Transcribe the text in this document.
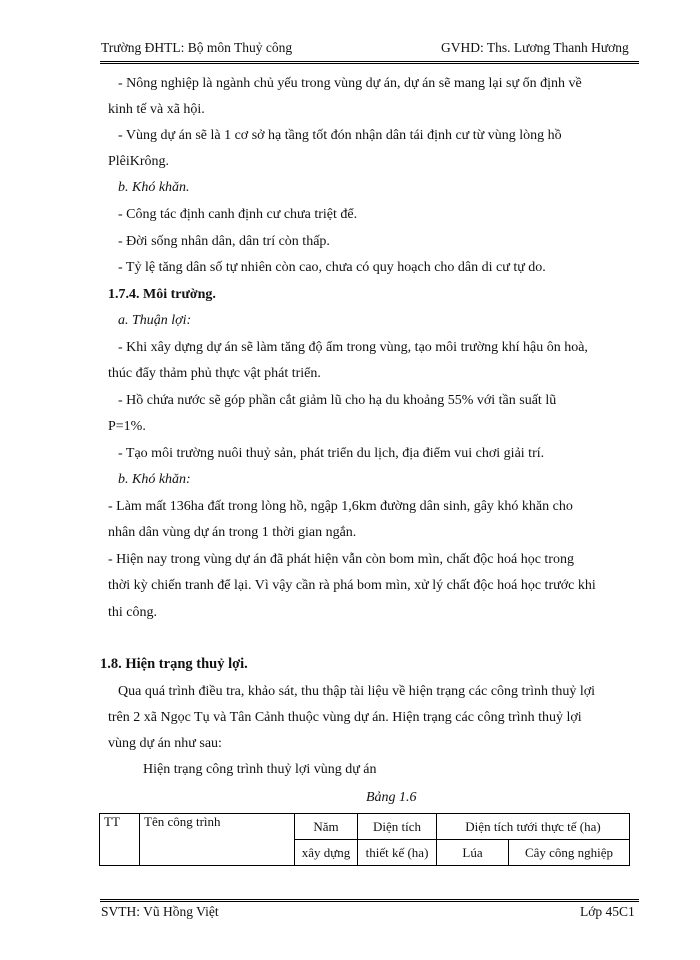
Trường ĐHTL: Bộ môn Thuỷ công	GVHD: Ths. Lương Thanh Hương
- Nông nghiệp là ngành chủ yếu trong vùng dự án, dự án sẽ mang lại sự ổn định về
kinh tế và xã hội.
- Vùng dự án sẽ là 1 cơ sở hạ tầng tốt đón nhận dân tái định cư từ vùng lòng hồ
PlêiKrông.
b. Khó khăn.
- Công tác định canh định cư chưa triệt để.
- Đời sống nhân dân, dân trí còn thấp.
- Tỷ lệ tăng dân số tự nhiên còn cao, chưa có quy hoạch cho dân di cư tự do.
1.7.4. Môi trường.
a. Thuận lợi:
- Khi xây dựng dự án sẽ làm tăng độ ẩm trong vùng, tạo môi trường khí hậu ôn hoà,
thúc đẩy thảm phủ thực vật phát triển.
- Hồ chứa nước sẽ góp phần cắt giảm lũ cho hạ du khoảng 55% với tần suất lũ
P=1%.
- Tạo môi trường nuôi thuỷ sản, phát triển du lịch, địa điểm vui chơi giải trí.
b. Khó khăn:
- Làm mất 136ha đất trong lòng hồ, ngập 1,6km đường dân sinh, gây khó khăn cho
nhân dân vùng dự án trong 1 thời gian ngắn.
- Hiện nay trong vùng dự án đã phát hiện vẫn còn bom mìn, chất độc hoá học trong
thời kỳ chiến tranh để lại. Vì vậy cần rà phá bom mìn, xử lý chất độc hoá học trước khi
thi công.
1.8. Hiện trạng thuỷ lợi.
Qua quá trình điều tra, khảo sát, thu thập tài liệu về hiện trạng các công trình thuỷ lợi
trên 2 xã Ngọc Tụ và Tân Cảnh thuộc vùng dự án. Hiện trạng các công trình thuỷ lợi
vùng dự án như sau:
Hiện trạng công trình thuỷ lợi vùng dự án
Bảng 1.6
TT	Tên công trình	Năm	Diện tích	Diện tích tưới thực tế (ha)	
		xây dựng	thiết kế (ha)	Lúa	Cây công nghiệp
SVTH: Vũ Hồng Việt	Lớp 45C1
